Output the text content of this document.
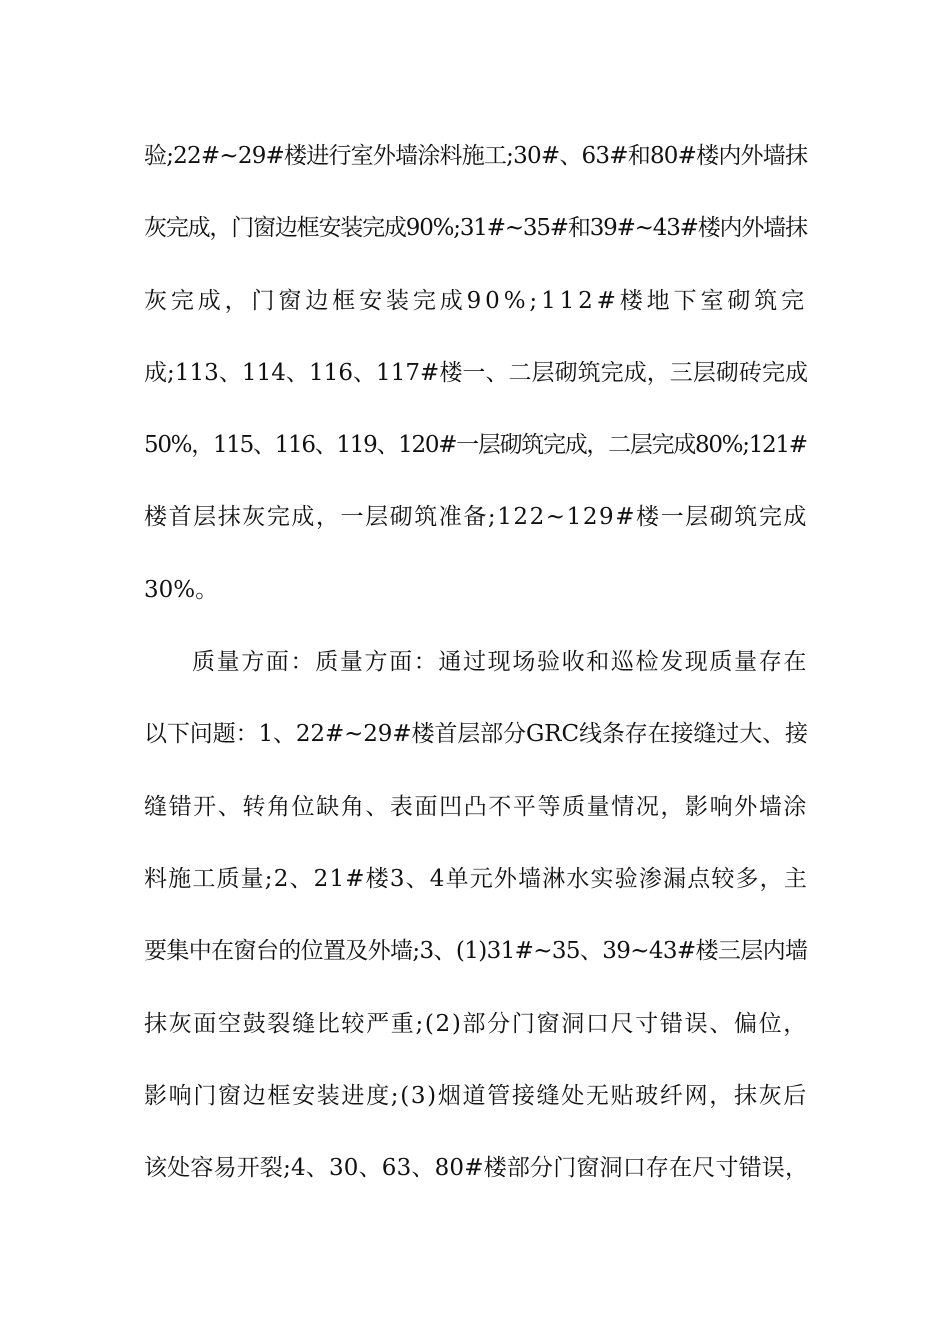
验;22#~29#楼进行室外墙涂料施工;30#、63#和80#楼内外墙抹
灰完成，门窗边框安装完成90%;31#~35#和39#~43#楼内外墙抹
灰完成，门窗边框安装完成90%;112#楼地下室砌筑完
成;113、114、116、117#楼一、二层砌筑完成，三层砌砖完成
50%，115、116、119、120#一层砌筑完成，二层完成80%;121#
楼首层抹灰完成，一层砌筑准备;122~129#楼一层砌筑完成
30%。
质量方面：质量方面：通过现场验收和巡检发现质量存在
以下问题：1、22#~29#楼首层部分GRC线条存在接缝过大、接
缝错开、转角位缺角、表面凹凸不平等质量情况，影响外墙涂
料施工质量;2、21#楼3、4单元外墙淋水实验渗漏点较多，主
要集中在窗台的位置及外墙;3、(1)31#~35、39~43#楼三层内墙
抹灰面空鼓裂缝比较严重;(2)部分门窗洞口尺寸错误、偏位，
影响门窗边框安装进度;(3)烟道管接缝处无贴玻纤网，抹灰后
该处容易开裂;4、30、63、80#楼部分门窗洞口存在尺寸错误，
